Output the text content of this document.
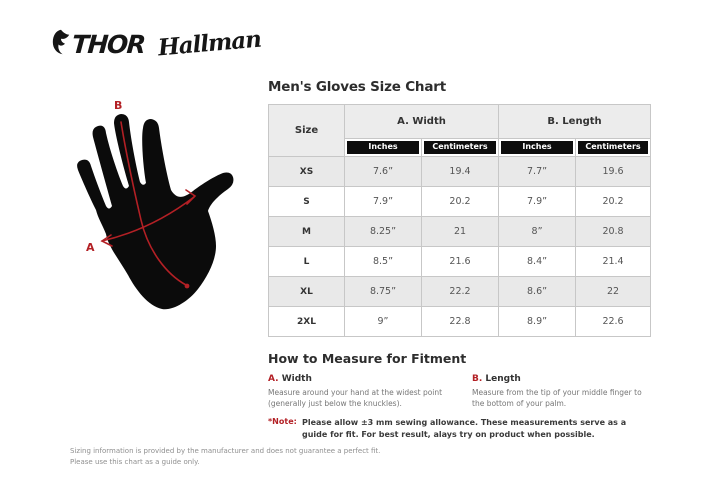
THOR Hallman
B
A
Men's Gloves Size Chart
Size	A. Width		B. Length	

	Inches	Centimeters	Inches	Centimeters

XS	7.6”	19.4	7.7”	19.6
S	7.9”	20.2	7.9”	20.2
M	8.25”	21	8”	20.8
L	8.5”	21.6	8.4”	21.4
XL	8.75”	22.2	8.6”	22
2XL	9”	22.8	8.9”	22.6
How to Measure for Fitment
A. Width
Measure around your hand at the widest point (generally just below the knuckles).
B. Length
Measure from the tip of your middle finger to the bottom of your palm.
*Note: Please allow ±3 mm sewing allowance. These measurements serve as a guide for fit. For best result, alays try on product when possible.
Sizing information is provided by the manufacturer and does not guarantee a perfect fit.
Please use this chart as a guide only.
